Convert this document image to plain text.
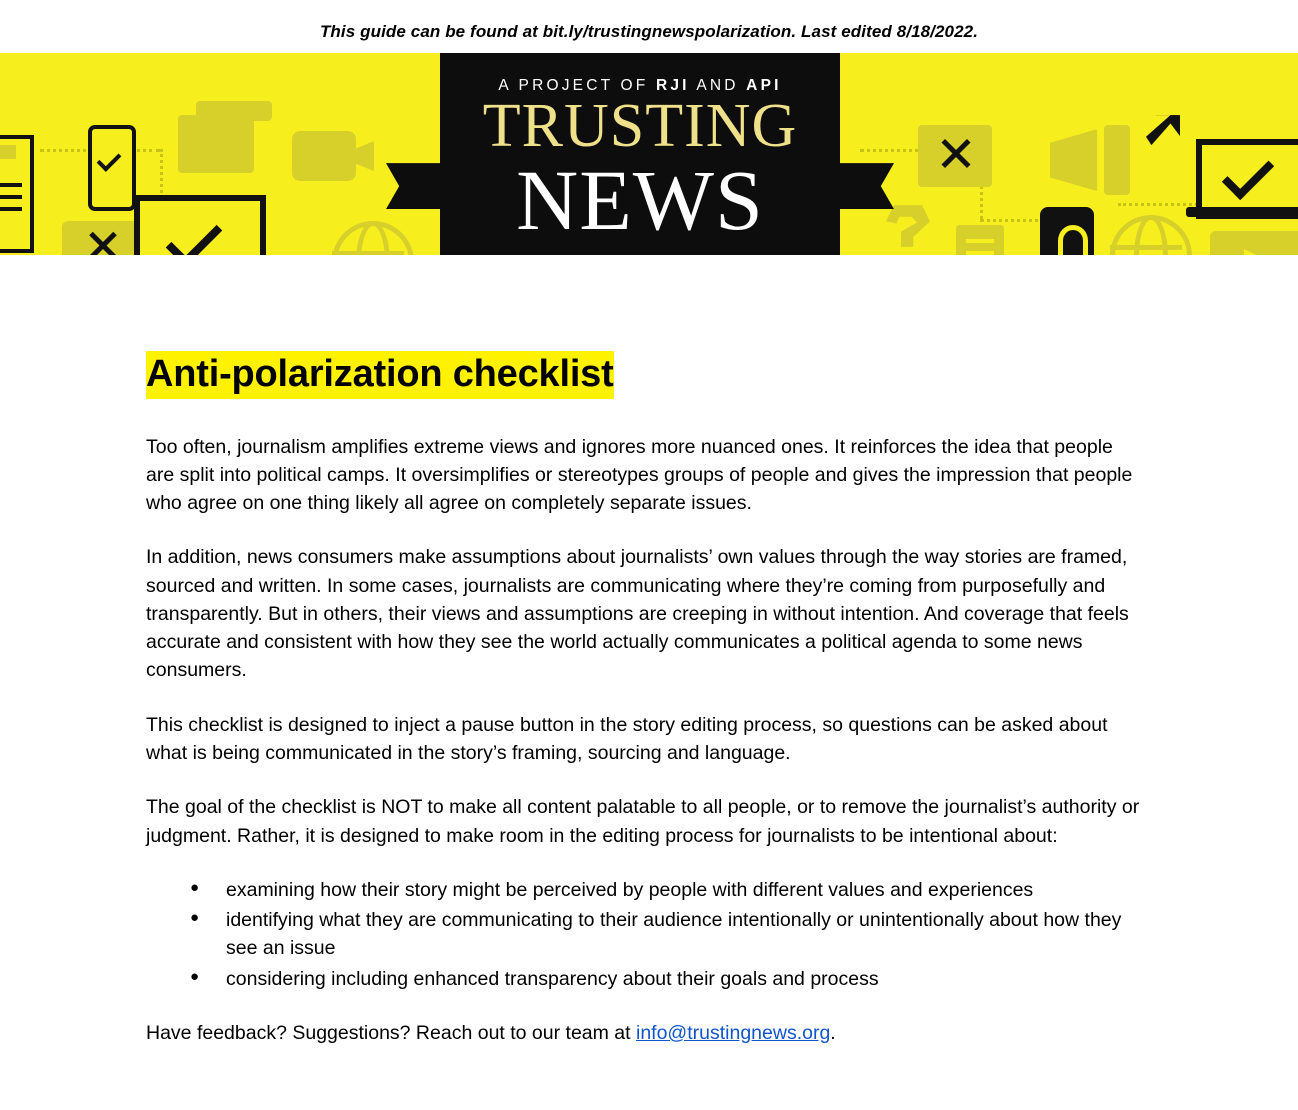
This guide can be found at bit.ly/trustingnewspolarization. Last edited 8/18/2022.
A PROJECT OF RJI AND API
TRUSTING
NEWS
Anti-polarization checklist

Too often, journalism amplifies extreme views and ignores more nuanced ones. It reinforces the idea that people are split into political camps. It oversimplifies or stereotypes groups of people and gives the impression that people who agree on one thing likely all agree on completely separate issues.

In addition, news consumers make assumptions about journalists’ own values through the way stories are framed, sourced and written. In some cases, journalists are communicating where they’re coming from purposefully and transparently. But in others, their views and assumptions are creeping in without intention. And coverage that feels accurate and consistent with how they see the world actually communicates a political agenda to some news consumers.

This checklist is designed to inject a pause button in the story editing process, so questions can be asked about what is being communicated in the story’s framing, sourcing and language.

The goal of the checklist is NOT to make all content palatable to all people, or to remove the journalist’s authority or judgment. Rather, it is designed to make room in the editing process for journalists to be intentional about:

● examining how their story might be perceived by people with different values and experiences
● identifying what they are communicating to their audience intentionally or unintentionally about how they see an issue
● considering including enhanced transparency about their goals and process

Have feedback? Suggestions? Reach out to our team at info@trustingnews.org.
